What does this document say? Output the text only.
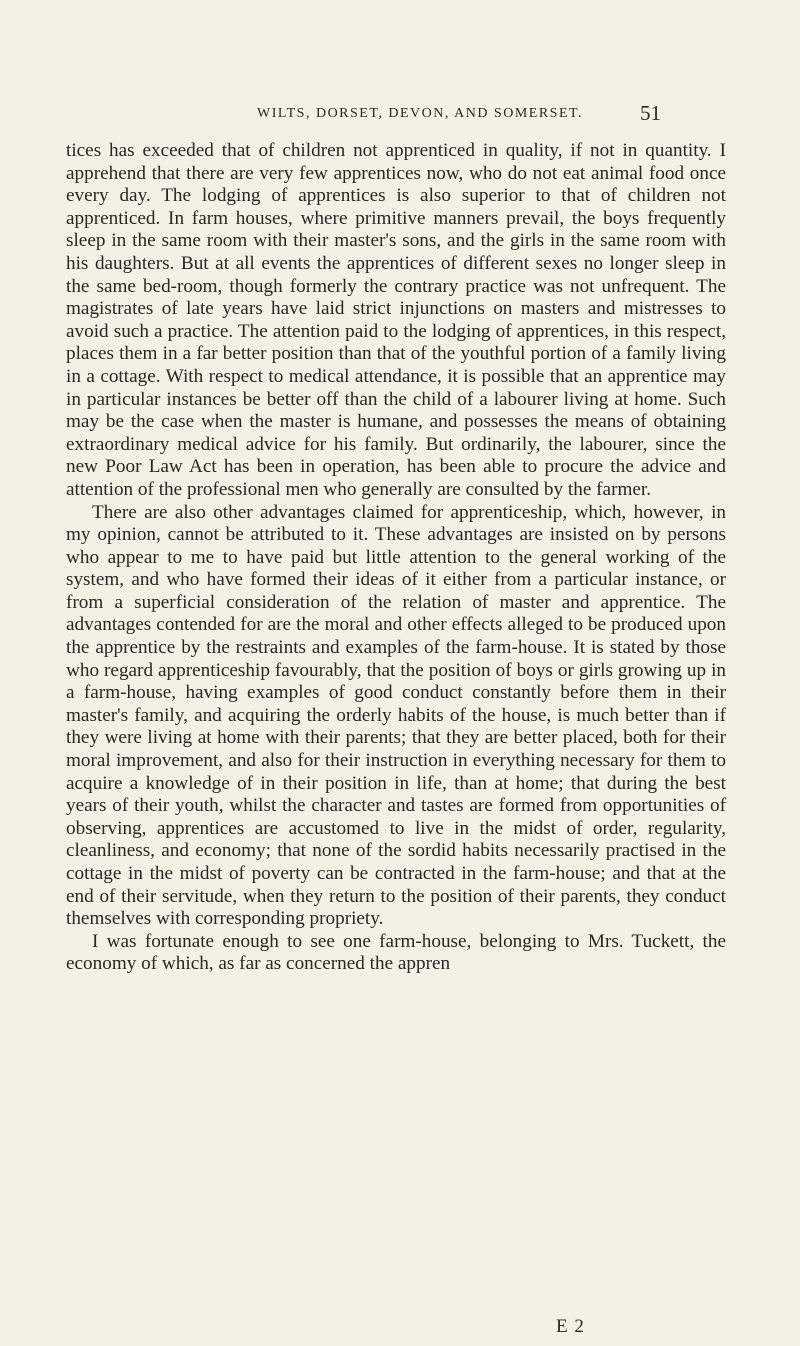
WILTS, DORSET, DEVON, AND SOMERSET.	51

tices has exceeded that of children not apprenticed in quality, if not in quantity. I apprehend that there are very few apprentices now, who do not eat animal food once every day. The lodging of apprentices is also superior to that of children not apprenticed. In farm houses, where primitive manners prevail, the boys frequently sleep in the same room with their master's sons, and the girls in the same room with his daughters. But at all events the apprentices of different sexes no longer sleep in the same bed-room, though formerly the contrary practice was not unfrequent. The magistrates of late years have laid strict injunctions on masters and mistresses to avoid such a practice. The attention paid to the lodging of apprentices, in this respect, places them in a far better position than that of the youthful portion of a family living in a cottage. With respect to medical attendance, it is possible that an apprentice may in particular instances be better off than the child of a labourer living at home. Such may be the case when the master is humane, and possesses the means of obtaining extraordinary medical advice for his family. But ordinarily, the labourer, since the new Poor Law Act has been in operation, has been able to procure the advice and attention of the professional men who generally are consulted by the farmer.

There are also other advantages claimed for apprenticeship, which, however, in my opinion, cannot be attributed to it. These advantages are insisted on by persons who appear to me to have paid but little attention to the general working of the system, and who have formed their ideas of it either from a particular instance, or from a superficial consideration of the relation of master and apprentice. The advantages contended for are the moral and other effects alleged to be produced upon the apprentice by the restraints and examples of the farm-house. It is stated by those who regard apprenticeship favourably, that the position of boys or girls growing up in a farm-house, having examples of good conduct constantly before them in their master's family, and acquiring the orderly habits of the house, is much better than if they were living at home with their parents; that they are better placed, both for their moral improvement, and also for their instruction in everything necessary for them to acquire a knowledge of in their position in life, than at home; that during the best years of their youth, whilst the character and tastes are formed from opportunities of observing, apprentices are accustomed to live in the midst of order, regularity, cleanliness, and economy; that none of the sordid habits necessarily practised in the cottage in the midst of poverty can be contracted in the farm-house; and that at the end of their servitude, when they return to the position of their parents, they conduct themselves with corresponding propriety.

I was fortunate enough to see one farm-house, belonging to Mrs. Tuckett, the economy of which, as far as concerned the appren

E 2
